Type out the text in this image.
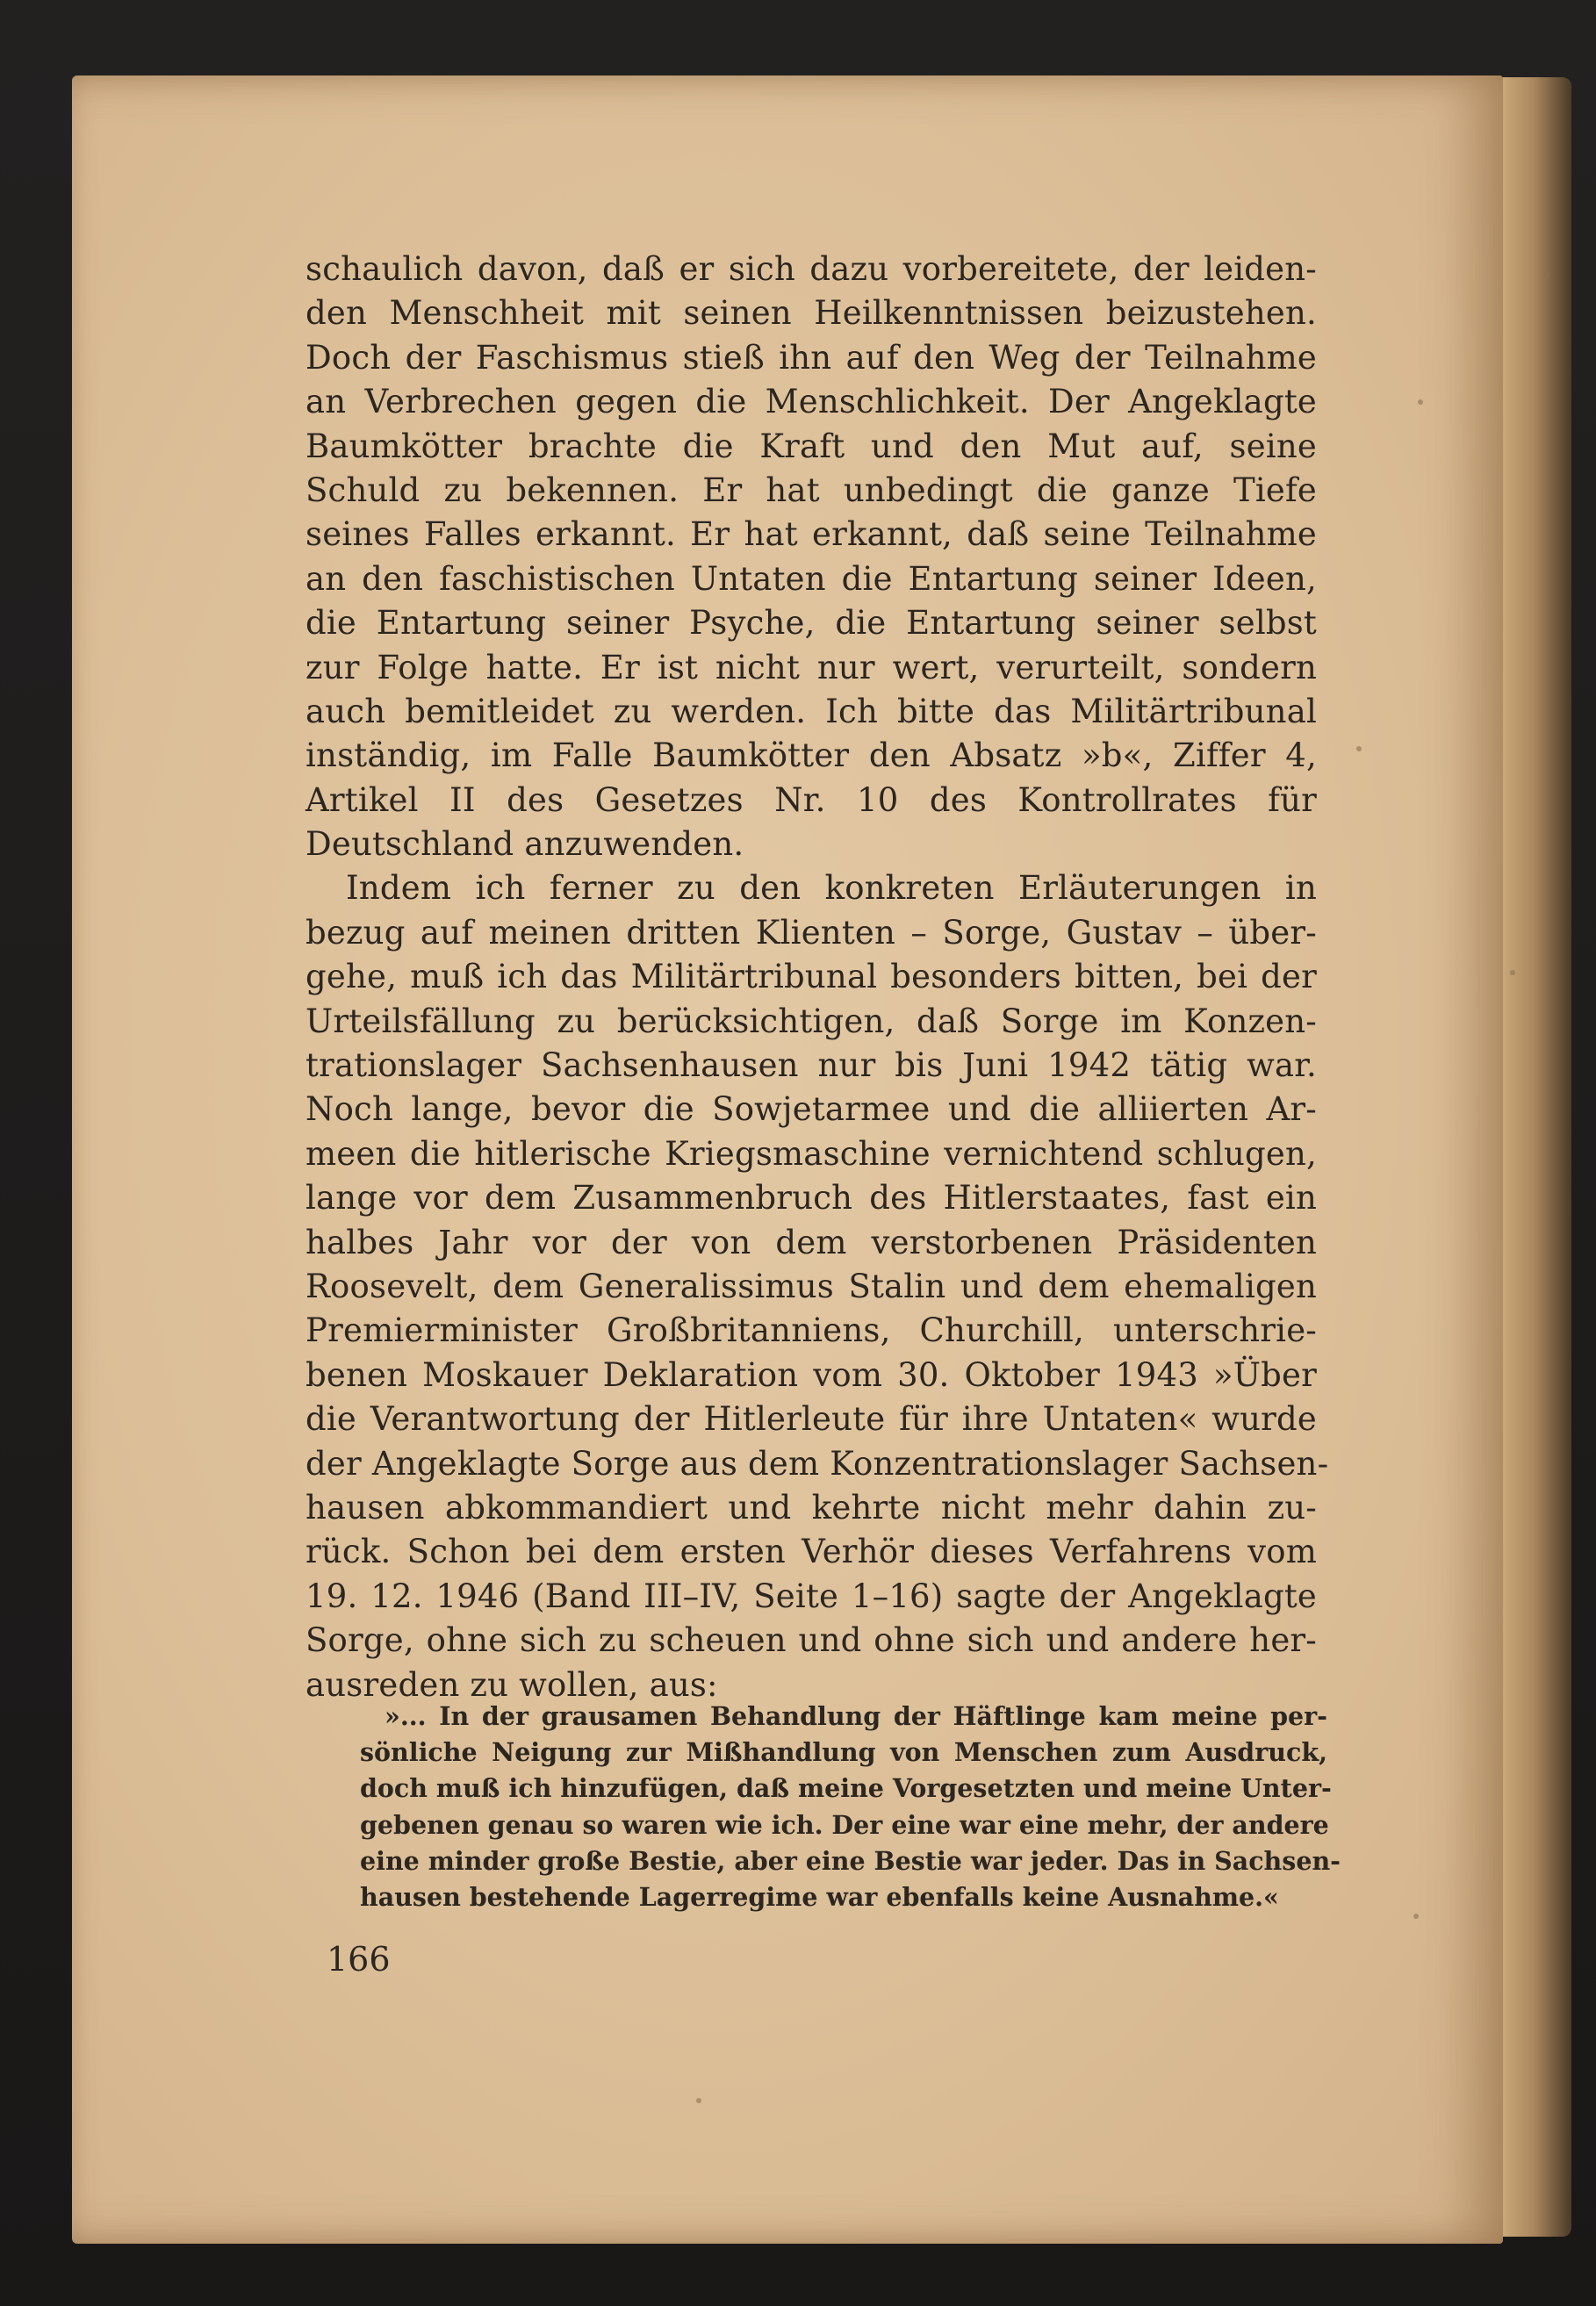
schaulich davon, daß er sich dazu vorbereitete, der leiden-
den Menschheit mit seinen Heilkenntnissen beizustehen.
Doch der Faschismus stieß ihn auf den Weg der Teilnahme
an Verbrechen gegen die Menschlichkeit. Der Angeklagte
Baumkötter brachte die Kraft und den Mut auf, seine
Schuld zu bekennen. Er hat unbedingt die ganze Tiefe
seines Falles erkannt. Er hat erkannt, daß seine Teilnahme
an den faschistischen Untaten die Entartung seiner Ideen,
die Entartung seiner Psyche, die Entartung seiner selbst
zur Folge hatte. Er ist nicht nur wert, verurteilt, sondern
auch bemitleidet zu werden. Ich bitte das Militärtribunal
inständig, im Falle Baumkötter den Absatz »b«, Ziffer 4,
Artikel II des Gesetzes Nr. 10 des Kontrollrates für
Deutschland anzuwenden.
Indem ich ferner zu den konkreten Erläuterungen in
bezug auf meinen dritten Klienten – Sorge, Gustav – über-
gehe, muß ich das Militärtribunal besonders bitten, bei der
Urteilsfällung zu berücksichtigen, daß Sorge im Konzen-
trationslager Sachsenhausen nur bis Juni 1942 tätig war.
Noch lange, bevor die Sowjetarmee und die alliierten Ar-
meen die hitlerische Kriegsmaschine vernichtend schlugen,
lange vor dem Zusammenbruch des Hitlerstaates, fast ein
halbes Jahr vor der von dem verstorbenen Präsidenten
Roosevelt, dem Generalissimus Stalin und dem ehemaligen
Premierminister Großbritanniens, Churchill, unterschrie-
benen Moskauer Deklaration vom 30. Oktober 1943 »Über
die Verantwortung der Hitlerleute für ihre Untaten« wurde
der Angeklagte Sorge aus dem Konzentrationslager Sachsen-
hausen abkommandiert und kehrte nicht mehr dahin zu-
rück. Schon bei dem ersten Verhör dieses Verfahrens vom
19. 12. 1946 (Band III–IV, Seite 1–16) sagte der Angeklagte
Sorge, ohne sich zu scheuen und ohne sich und andere her-
ausreden zu wollen, aus:
»... In der grausamen Behandlung der Häftlinge kam meine per-
sönliche Neigung zur Mißhandlung von Menschen zum Ausdruck,
doch muß ich hinzufügen, daß meine Vorgesetzten und meine Unter-
gebenen genau so waren wie ich. Der eine war eine mehr, der andere
eine minder große Bestie, aber eine Bestie war jeder. Das in Sachsen-
hausen bestehende Lagerregime war ebenfalls keine Ausnahme.«
166
